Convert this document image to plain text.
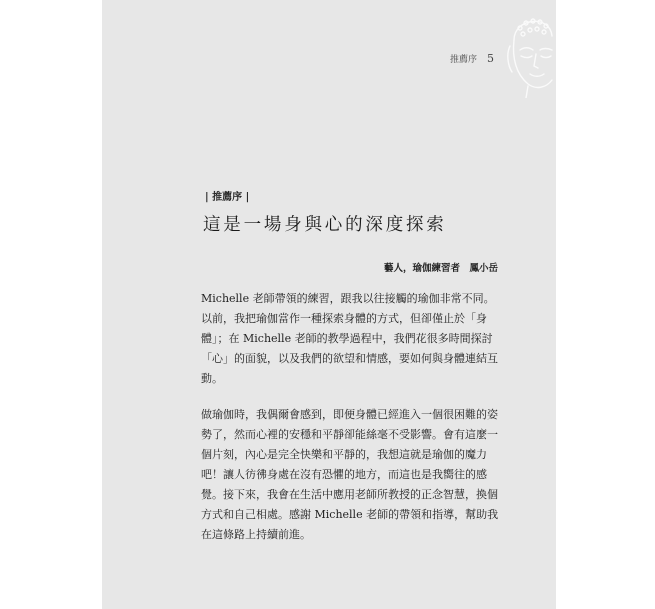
推薦序 5
| 推薦序 |
這是一場身與心的深度探索
藝人，瑜伽練習者　鳳小岳

Michelle 老師帶領的練習，跟我以往接觸的瑜伽非常不同。以前，我把瑜伽當作一種探索身體的方式，但卻僅止於「身體」；在 Michelle 老師的教學過程中，我們花很多時間探討「心」的面貌，以及我們的欲望和情感，要如何與身體連結互動。

做瑜伽時，我偶爾會感到，即便身體已經進入一個很困難的姿勢了，然而心裡的安穩和平靜卻能絲毫不受影響。會有這麼一個片刻，內心是完全快樂和平靜的，我想這就是瑜伽的魔力吧！讓人彷彿身處在沒有恐懼的地方，而這也是我嚮往的感覺。接下來，我會在生活中應用老師所教授的正念智慧，換個方式和自己相處。感謝 Michelle 老師的帶領和指導，幫助我在這條路上持續前進。
